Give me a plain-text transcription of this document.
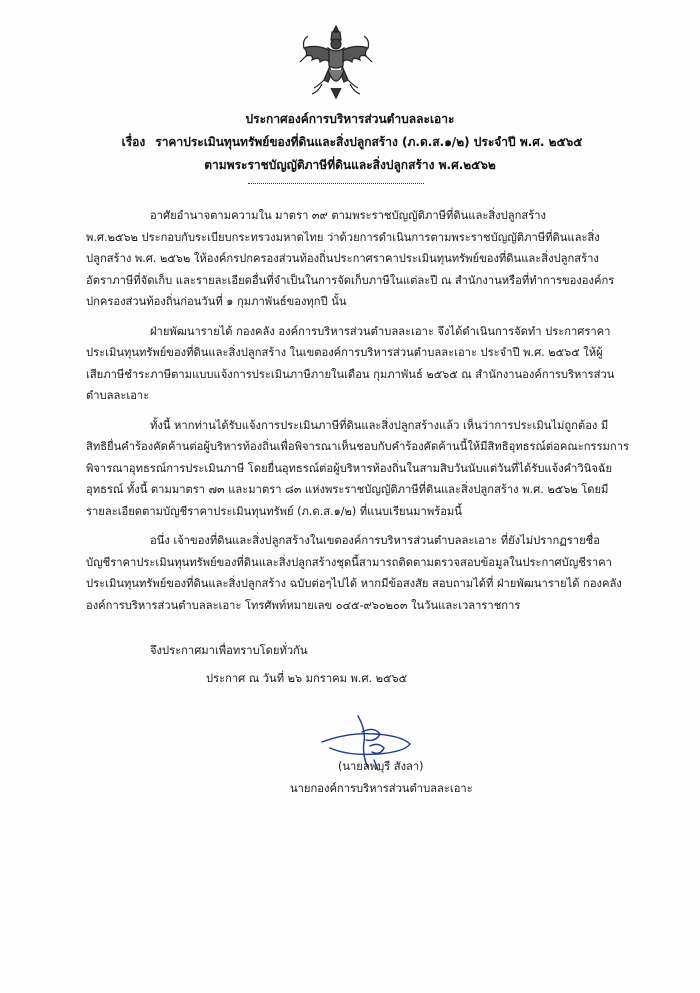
ประกาศองค์การบริหารส่วนตำบลละเอาะ
เรื่อง ราคาประเมินทุนทรัพย์ของที่ดินและสิ่งปลูกสร้าง (ภ.ด.ส.๑/๒) ประจำปี พ.ศ. ๒๕๖๕
ตามพระราชบัญญัติภาษีที่ดินและสิ่งปลูกสร้าง พ.ศ.๒๕๖๒
อาศัยอำนาจตามความใน มาตรา ๓๙ ตามพระราชบัญญัติภาษีที่ดินและสิ่งปลูกสร้าง
พ.ศ.๒๕๖๒ ประกอบกับระเบียบกระทรวงมหาดไทย ว่าด้วยการดำเนินการตามพระราชบัญญัติภาษีที่ดินและสิ่ง
ปลูกสร้าง พ.ศ. ๒๕๖๒ ให้องค์กรปกครองส่วนท้องถิ่นประกาศราคาประเมินทุนทรัพย์ของที่ดินและสิ่งปลูกสร้าง
อัตราภาษีที่จัดเก็บ และรายละเอียดอื่นที่จำเป็นในการจัดเก็บภาษีในแต่ละปี ณ สำนักงานหรือที่ทำการขององค์กร
ปกครองส่วนท้องถิ่นก่อนวันที่ ๑ กุมภาพันธ์ของทุกปี นั้น
ฝ่ายพัฒนารายได้ กองคลัง องค์การบริหารส่วนตำบลละเอาะ จึงได้ดำเนินการจัดทำ ประกาศราคา
ประเมินทุนทรัพย์ของที่ดินและสิ่งปลูกสร้าง ในเขตองค์การบริหารส่วนตำบลละเอาะ ประจำปี พ.ศ. ๒๕๖๕ ให้ผู้
เสียภาษีชำระภาษีตามแบบแจ้งการประเมินภาษีภายในเดือน กุมภาพันธ์ ๒๕๖๕ ณ สำนักงานองค์การบริหารส่วน
ตำบลละเอาะ
ทั้งนี้ หากท่านได้รับแจ้งการประเมินภาษีที่ดินและสิ่งปลูกสร้างแล้ว เห็นว่าการประเมินไม่ถูกต้อง มี
สิทธิยื่นคำร้องคัดค้านต่อผู้บริหารท้องถิ่นเพื่อพิจารณาเห็นชอบกับคำร้องคัดค้านนี้ให้มีสิทธิอุทธรณ์ต่อคณะกรรมการ
พิจารณาอุทธรณ์การประเมินภาษี โดยยื่นอุทธรณ์ต่อผู้บริหารท้องถิ่นในสามสิบวันนับแต่วันที่ได้รับแจ้งคำวินิจฉัย
อุทธรณ์ ทั้งนี้ ตามมาตรา ๗๓ และมาตรา ๘๓ แห่งพระราชบัญญัติภาษีที่ดินและสิ่งปลูกสร้าง พ.ศ. ๒๕๖๒ โดยมี
รายละเอียดตามบัญชีราคาประเมินทุนทรัพย์ (ภ.ด.ส.๑/๒) ที่แนบเรียนมาพร้อมนี้
อนึ่ง เจ้าของที่ดินและสิ่งปลูกสร้างในเขตองค์การบริหารส่วนตำบลละเอาะ ที่ยังไม่ปรากฏรายชื่อ
บัญชีราคาประเมินทุนทรัพย์ของที่ดินและสิ่งปลูกสร้างชุดนี้สามารถติดตามตรวจสอบข้อมูลในประกาศบัญชีราคา
ประเมินทุนทรัพย์ของที่ดินและสิ่งปลูกสร้าง ฉบับต่อๆไปได้ หากมีข้อสงสัย สอบถามได้ที่ ฝ่ายพัฒนารายได้ กองคลัง
องค์การบริหารส่วนตำบลละเอาะ โทรศัพท์หมายเลข ๐๔๕-๙๖๐๒๐๓ ในวันและเวลาราชการ
จึงประกาศมาเพื่อทราบโดยทั่วกัน
ประกาศ ณ วันที่ ๒๖ มกราคม พ.ศ. ๒๕๖๕
(นายลพบุรี สังลา)
นายกองค์การบริหารส่วนตำบลละเอาะ
